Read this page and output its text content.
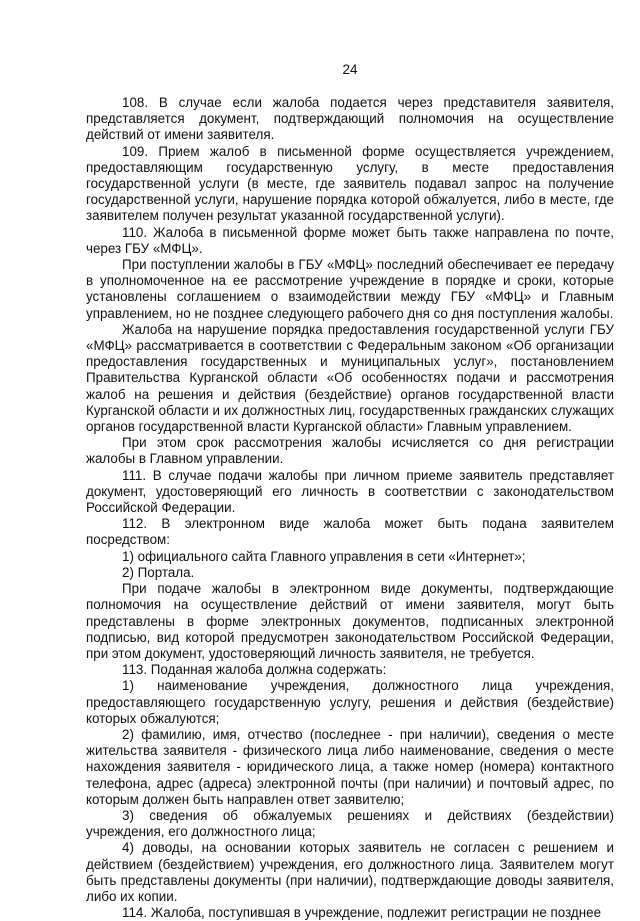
24

108. В случае если жалоба подается через представителя заявителя, представляется документ, подтверждающий полномочия на осуществление действий от имени заявителя.

109. Прием жалоб в письменной форме осуществляется учреждением, предоставляющим государственную услугу, в месте предоставления государственной услуги (в месте, где заявитель подавал запрос на получение государственной услуги, нарушение порядка которой обжалуется, либо в месте, где заявителем получен результат указанной государственной услуги).

110. Жалоба в письменной форме может быть также направлена по почте, через ГБУ «МФЦ».

При поступлении жалобы в ГБУ «МФЦ» последний обеспечивает ее передачу в уполномоченное на ее рассмотрение учреждение в порядке и сроки, которые установлены соглашением о взаимодействии между ГБУ «МФЦ» и Главным управлением, но не позднее следующего рабочего дня со дня поступления жалобы.

Жалоба на нарушение порядка предоставления государственной услуги ГБУ «МФЦ» рассматривается в соответствии с Федеральным законом «Об организации предоставления государственных и муниципальных услуг», постановлением Правительства Курганской области «Об особенностях подачи и рассмотрения жалоб на решения и действия (бездействие) органов государственной власти Курганской области и их должностных лиц, государственных гражданских служащих органов государственной власти Курганской области» Главным управлением.

При этом срок рассмотрения жалобы исчисляется со дня регистрации жалобы в Главном управлении.

111. В случае подачи жалобы при личном приеме заявитель представляет документ, удостоверяющий его личность в соответствии с законодательством Российской Федерации.

112. В электронном виде жалоба может быть подана заявителем посредством:

1) официального сайта Главного управления в сети «Интернет»;

2) Портала.

При подаче жалобы в электронном виде документы, подтверждающие полномочия на осуществление действий от имени заявителя, могут быть представлены в форме электронных документов, подписанных электронной подписью, вид которой предусмотрен законодательством Российской Федерации, при этом документ, удостоверяющий личность заявителя, не требуется.

113. Поданная жалоба должна содержать:

1) наименование учреждения, должностного лица учреждения, предоставляющего государственную услугу, решения и действия (бездействие) которых обжалуются;

2) фамилию, имя, отчество (последнее - при наличии), сведения о месте жительства заявителя - физического лица либо наименование, сведения о месте нахождения заявителя - юридического лица, а также номер (номера) контактного телефона, адрес (адреса) электронной почты (при наличии) и почтовый адрес, по которым должен быть направлен ответ заявителю;

3) сведения об обжалуемых решениях и действиях (бездействии) учреждения, его должностного лица;

4) доводы, на основании которых заявитель не согласен с решением и действием (бездействием) учреждения, его должностного лица. Заявителем могут быть представлены документы (при наличии), подтверждающие доводы заявителя, либо их копии.

114. Жалоба, поступившая в учреждение, подлежит регистрации не позднее
